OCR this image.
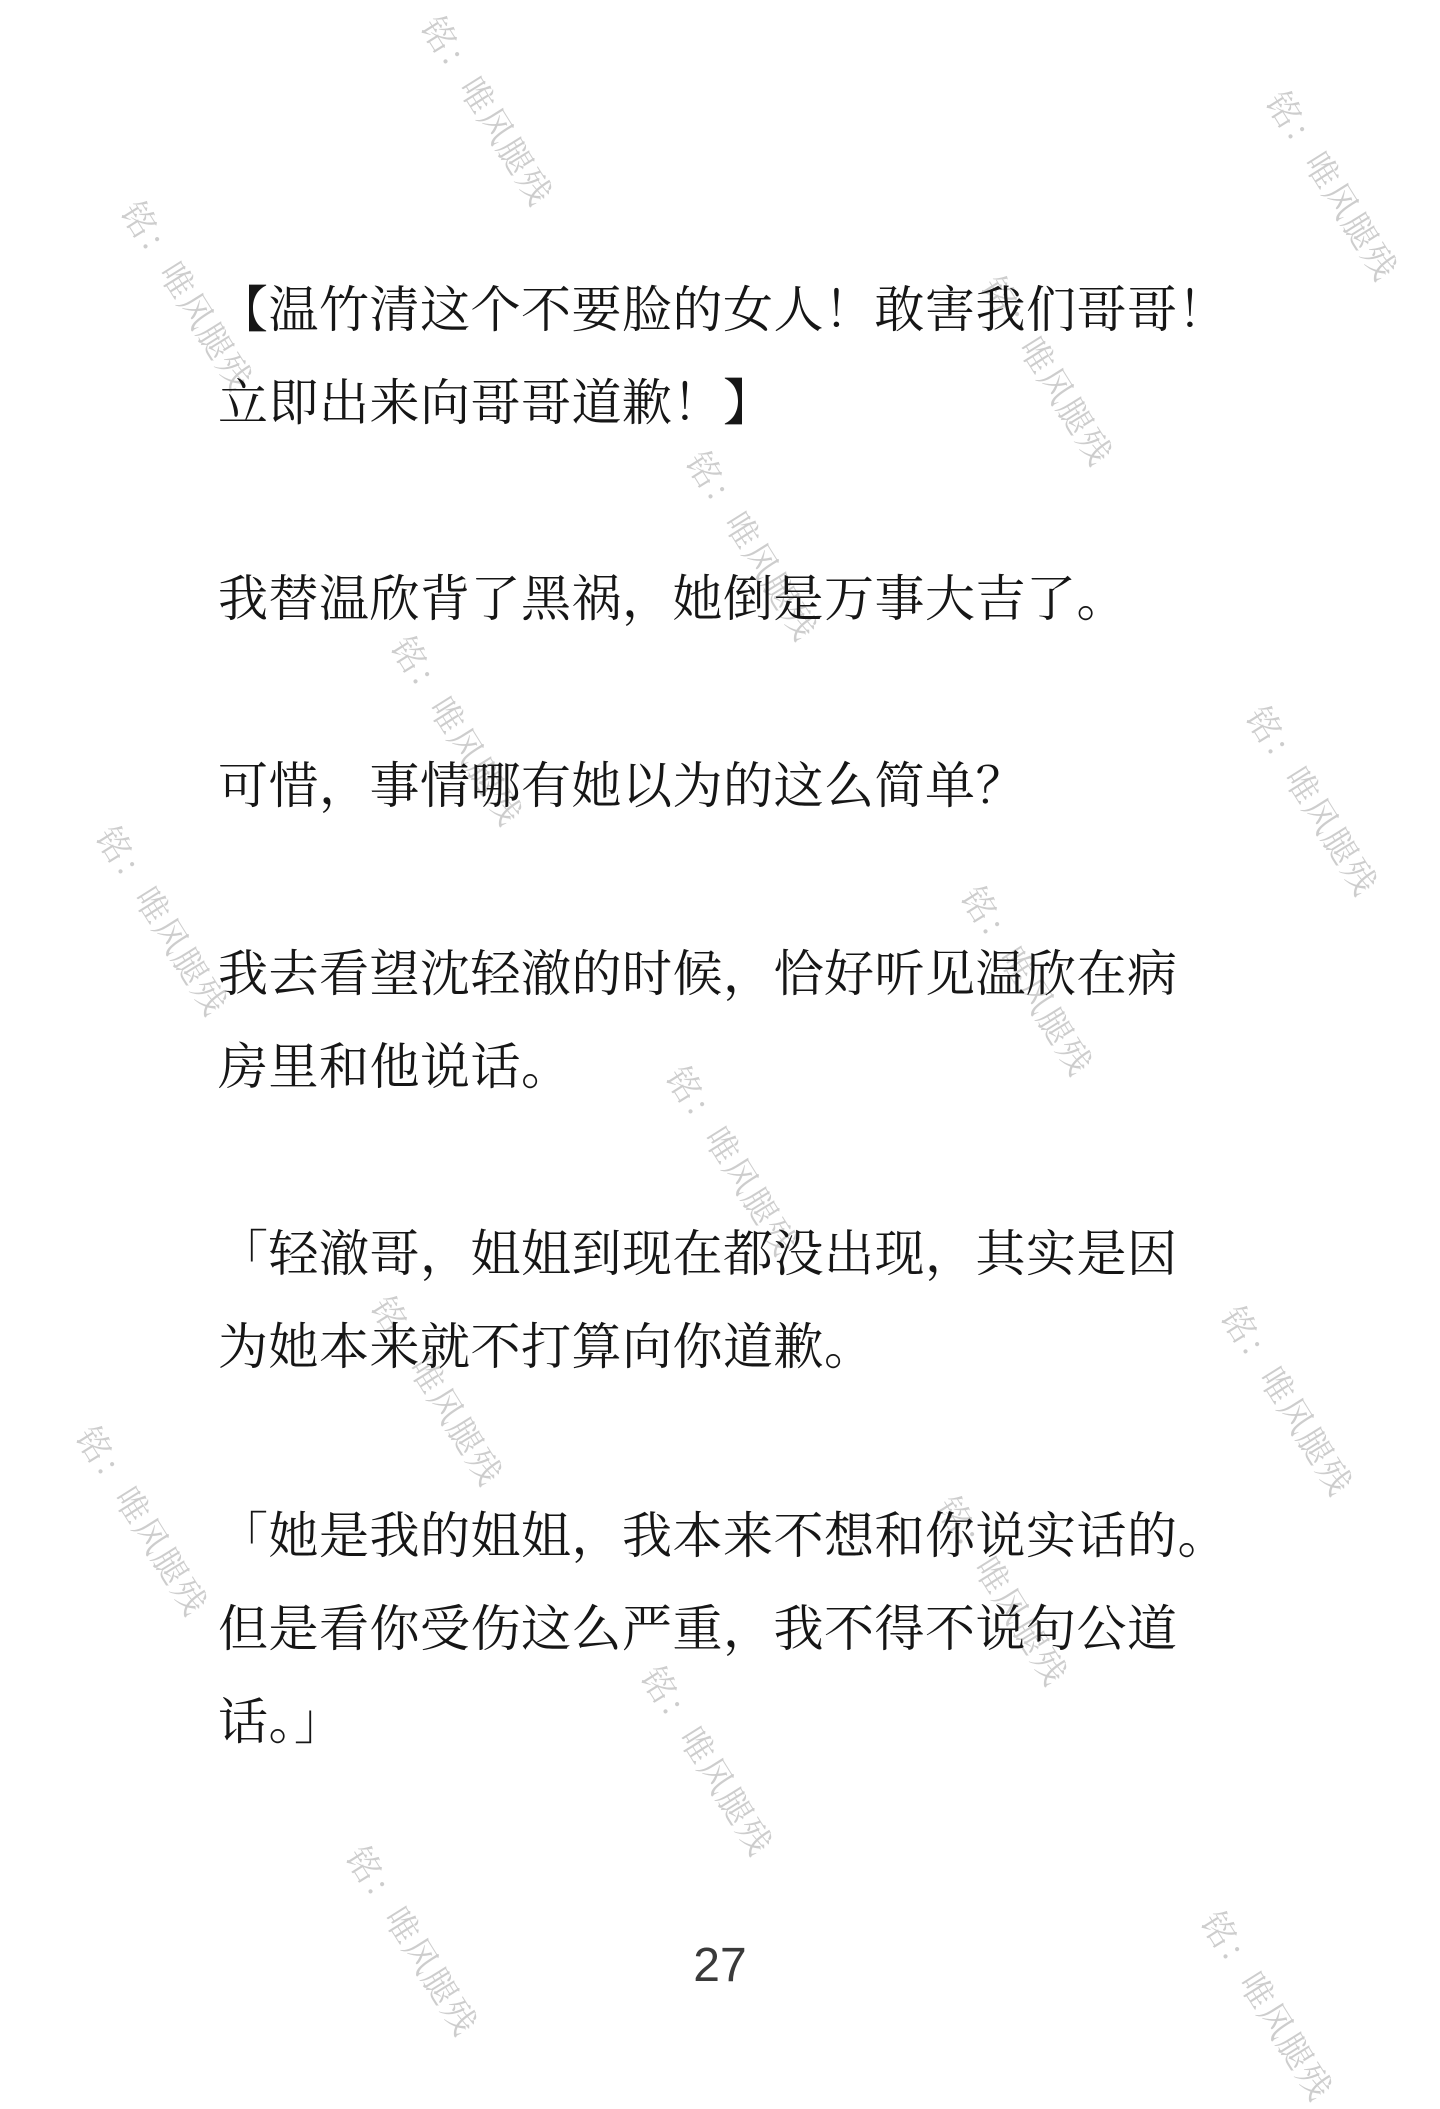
铭：唯风腿残	铭：唯风腿残
铭：唯风腿残	铭：唯风腿残
铭：唯风腿残
铭：唯风腿残	铭：唯风腿残
铭：唯风腿残	铭：唯风腿残
铭：唯风腿残
铭：唯风腿残
铭：唯风腿残
铭：唯风腿残	铭：唯风腿残
铭：唯风腿残
铭：唯风腿残	铭：唯风腿残
【温竹清这个不要脸的女人！敢害我们哥哥！
立即出来向哥哥道歉！】
我替温欣背了黑祸，她倒是万事大吉了。
可惜，事情哪有她以为的这么简单？
我去看望沈轻澈的时候，恰好听见温欣在病
房里和他说话。
「轻澈哥，姐姐到现在都没出现，其实是因
为她本来就不打算向你道歉。
「她是我的姐姐，我本来不想和你说实话的。
但是看你受伤这么严重，我不得不说句公道
话。」
27
